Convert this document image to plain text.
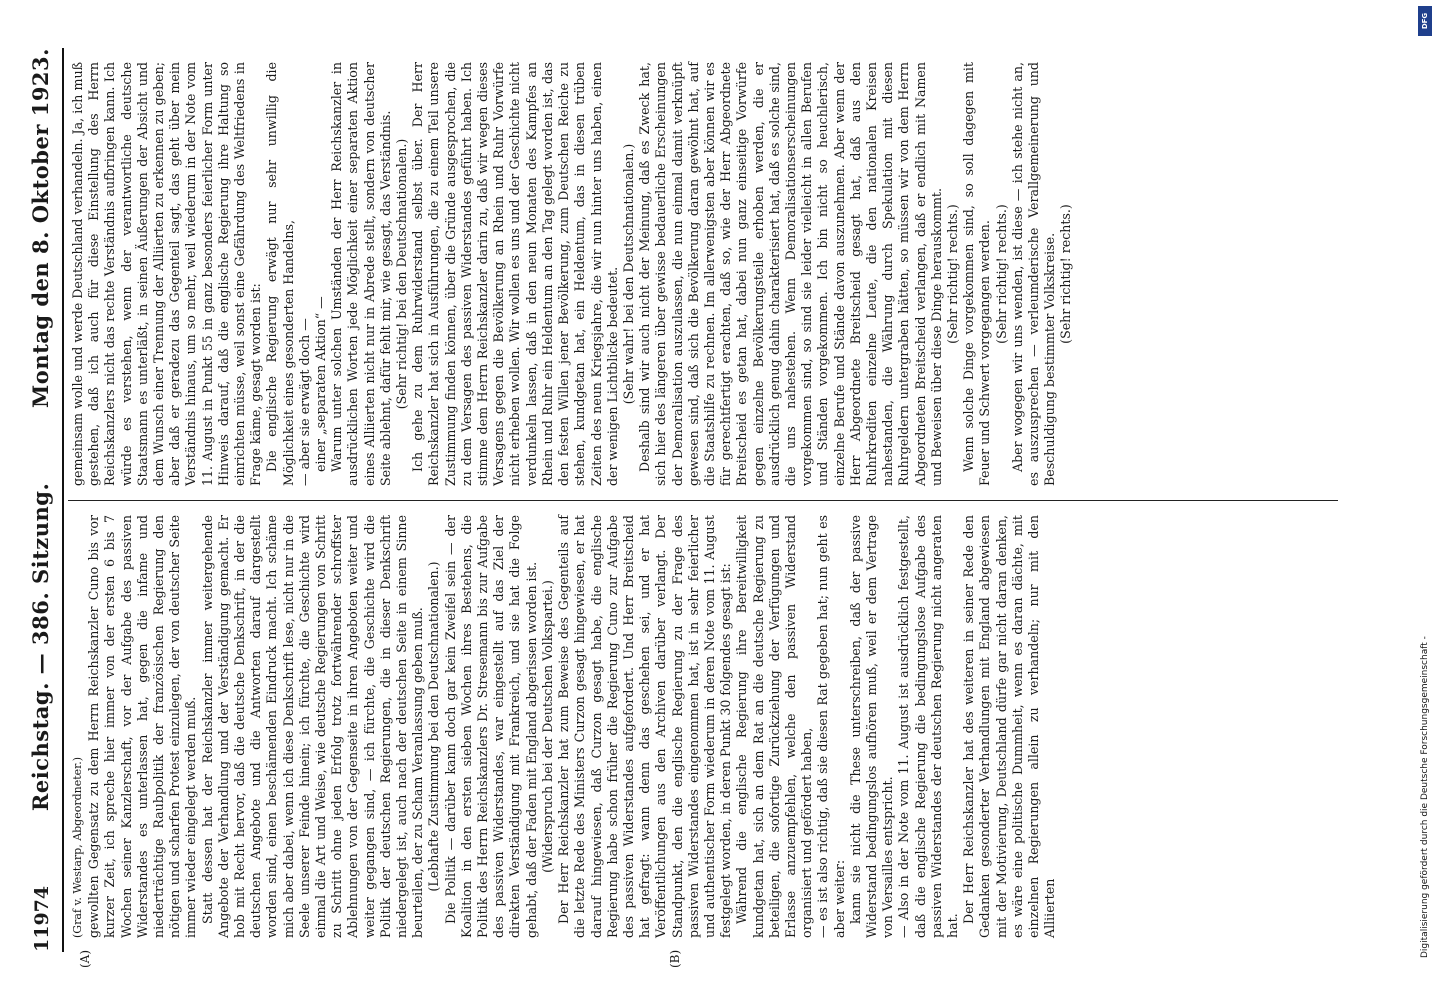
11974
Reichstag. — 386. Sitzung.
Montag den 8. Oktober 1923.
(A)	(B)

(Graf v. Westarp, Abgeordneter.) gewollten Gegensatz zu dem Herrn Reichskanzler Cuno bis vor kurzer Zeit, ich spreche hier immer von der ersten 6 bis 7 Wochen seiner Kanzlerschaft, vor der Aufgabe des passiven Widerstandes es unterlassen hat, gegen die infame und niederträchtige Raubpolitik der französischen Regierung den nötigen und scharfen Protest einzulegen, der von deutscher Seite immer wieder eingelegt werden muß. Statt dessen hat der Reichskanzler immer weitergehende Angebote der Verhandlung und der Verständigung gemacht. Er hob mit Recht hervor, daß die deutsche Denkschrift, in der die deutschen Angebote und die Antworten darauf dargestellt worden sind, einen beschämenden Eindruck macht. Ich schäme mich aber dabei, wenn ich diese Denkschrift lese, nicht nur in die Seele unserer Feinde hinein; ich fürchte, die Geschichte wird einmal die Art und Weise, wie deutsche Regierungen von Schritt zu Schritt ohne jeden Erfolg trotz fortwährender schroffster Ablehnungen von der Gegenseite in ihren Angeboten weiter und weiter gegangen sind, — ich fürchte, die Geschichte wird die Politik der deutschen Regierungen, die in dieser Denkschrift niedergelegt ist, auch nach der deutschen Seite in einem Sinne beurteilen, der zu Scham Veranlassung geben muß. (Lebhafte Zustimmung bei den Deutschnationalen.) Die Politik — darüber kann doch gar kein Zweifel sein — der Koalition in den ersten sieben Wochen ihres Bestehens, die Politik des Herrn Reichskanzlers Dr. Stresemann bis zur Aufgabe des passiven Widerstandes, war eingestellt auf das Ziel der direkten Verständigung mit Frankreich, und sie hat die Folge gehabt, daß der Faden mit England abgerissen worden ist. (Widerspruch bei der Deutschen Volkspartei.) Der Herr Reichskanzler hat zum Beweise des Gegenteils auf die letzte Rede des Ministers Curzon gesagt hingewiesen, er hat darauf hingewiesen, daß Curzon gesagt habe, die englische Regierung habe schon früher die Regierung Cuno zur Aufgabe des passiven Widerstandes aufgefordert. Und Herr Breitscheid hat gefragt: wann denn das geschehen sei, und er hat Veröffentlichungen aus den Archiven darüber verlangt. Der Standpunkt, den die englische Regierung zu der Frage des passiven Widerstandes eingenommen hat, ist in sehr feierlicher und authentischer Form wiederum in deren Note vom 11. August festgelegt worden, in deren Punkt 30 folgendes gesagt ist: Während die englische Regierung ihre Bereitwilligkeit kundgetan hat, sich an dem Rat an die deutsche Regierung zu beteiligen, die sofortige Zurückziehung der Verfügungen und Erlasse anzuempfehlen, welche den passiven Widerstand organisiert und gefördert haben, — es ist also richtig, daß sie diesen Rat gegeben hat; nun geht es aber weiter: kann sie nicht die These unterschreiben, daß der passive Widerstand bedingungslos aufhören muß, weil er dem Vertrage von Versailles entspricht. — Also in der Note vom 11. August ist ausdrücklich festgestellt, daß die englische Regierung die bedingungslose Aufgabe des passiven Widerstandes der deutschen Regierung nicht angeraten hat.

Der Herr Reichskanzler hat des weiteren in seiner Rede den Gedanken gesonderter Verhandlungen mit England abgewiesen mit der Motivierung, Deutschland dürfe gar nicht daran denken, es wäre eine politische Dummheit, wenn es daran dächte, mit einzelnen Regierungen allein zu verhandeln; nur mit den Alliierten

gemeinsam wolle und werde Deutschland verhandeln. Ja, ich muß gestehen, daß ich auch für diese Einstellung des Herrn Reichskanzlers nicht das rechte Verständnis aufbringen kann. Ich würde es verstehen, wenn der verantwortliche deutsche Staatsmann es unterläßt, in seinen Äußerungen der Absicht und dem Wunsch einer Trennung der Alliierten zu erkennen zu geben; aber daß er geradezu das Gegenteil sagt, das geht über mein Verständnis hinaus, um so mehr, weil wiederum in der Note vom 11. August in Punkt 55 in ganz besonders feierlicher Form unter Hinweis darauf, daß die englische Regierung ihre Haltung so einrichten müsse, weil sonst eine Gefährdung des Weltfriedens in Frage käme, gesagt worden ist: Die englische Regierung erwägt nur sehr unwillig die Möglichkeit eines gesonderten Handelns, — aber sie erwägt doch — einer „separaten Aktion“ — Warum unter solchen Umständen der Herr Reichskanzler in ausdrücklichen Worten jede Möglichkeit einer separaten Aktion eines Alliierten nicht nur in Abrede stellt, sondern von deutscher Seite ablehnt, dafür fehlt mir, wie gesagt, das Verständnis. (Sehr richtig! bei den Deutschnationalen.) Ich gehe zu dem Ruhrwiderstand selbst über. Der Herr Reichskanzler hat sich in Ausführungen, die zu einem Teil unsere Zustimmung finden können, über die Gründe ausgesprochen, die zu dem Versagen des passiven Widerstandes geführt haben. Ich stimme dem Herrn Reichskanzler darin zu, daß wir wegen dieses Versagens gegen die Bevölkerung an Rhein und Ruhr Vorwürfe nicht erheben wollen. Wir wollen es uns und der Geschichte nicht verdunkeln lassen, daß in den neun Monaten des Kampfes an Rhein und Ruhr ein Heldentum an den Tag gelegt worden ist, das den festen Willen jener Bevölkerung, zum Deutschen Reiche zu stehen, kundgetan hat, ein Heldentum, das in diesen trüben Zeiten des neun Kriegsjahre, die wir nun hinter uns haben, einen der wenigen Lichtblicke bedeutet. (Sehr wahr! bei den Deutschnationalen.) Deshalb sind wir auch nicht der Meinung, daß es Zweck hat, sich hier des längeren über gewisse bedauerliche Erscheinungen der Demoralisation auszulassen, die nun einmal damit verknüpft gewesen sind, daß sich die Bevölkerung daran gewöhnt hat, auf die Staatshilfe zu rechnen. Im allerwenigsten aber können wir es für gerechtfertigt erachten, daß so, wie der Herr Abgeordnete Breitscheid es getan hat, dabei nun ganz einseitige Vorwürfe gegen einzelne Bevölkerungsteile erhoben werden, die er ausdrücklich genug dahin charakterisiert hat, daß es solche sind, die uns nahestehen. Wenn Demoralisationserscheinungen vorgekommen sind, so sind sie leider vielleicht in allen Berufen und Ständen vorgekommen. Ich bin nicht so heuchlerisch, einzelne Berufe und Stände davon auszunehmen. Aber wenn der Herr Abgeordnete Breitscheid gesagt hat, daß aus den Ruhrkrediten einzelne Leute, die den nationalen Kreisen nahestanden, die Währung durch Spekulation mit diesen Ruhrgeldern untergraben hätten, so müssen wir von dem Herrn Abgeordneten Breitscheid verlangen, daß er endlich mit Namen und Beweisen über diese Dinge herauskommt. (Sehr richtig! rechts.) Wenn solche Dinge vorgekommen sind, so soll dagegen mit Feuer und Schwert vorgegangen werden. (Sehr richtig! rechts.) Aber wogegen wir uns wenden, ist diese — ich stehe nicht an, es auszusprechen — verleumderische Verallgemeinerung und Beschuldigung bestimmter Volkskreise. (Sehr richtig! rechts.)

DFG
Digitalisierung gefördert durch die Deutsche Forschungsgemeinschaft -
